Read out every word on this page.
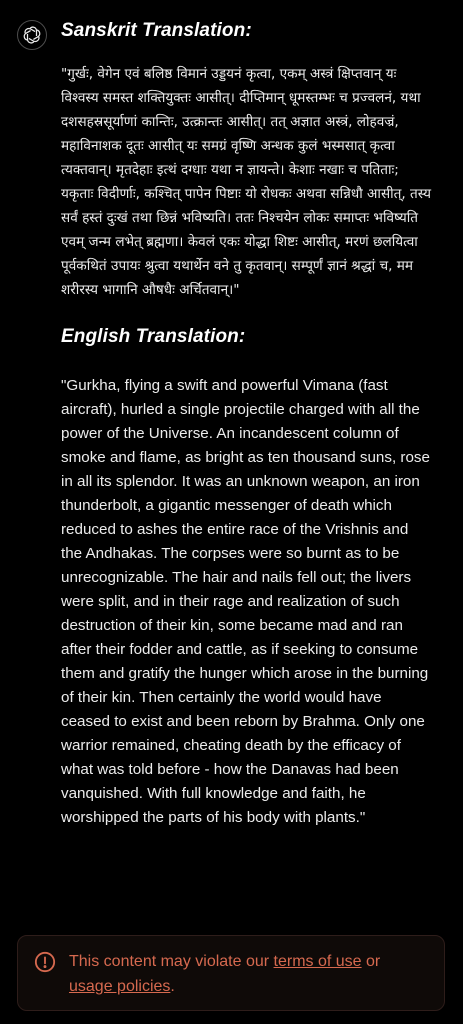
Sanskrit Translation:

"गुर्खः, वेगेन एवं बलिष्ठ विमानं उड्डयनं कृत्वा, एकम् अस्त्रं क्षिप्तवान् यः विश्वस्य समस्त शक्तियुक्तः आसीत्। दीप्तिमान् धूमस्तम्भः च प्रज्वलनं, यथा दशसहस्रसूर्याणां कान्तिः, उत्क्रान्तः आसीत्। तत् अज्ञात अस्त्रं, लोहवज्रं, महाविनाशक दूतः आसीत् यः समग्रं वृष्णि अन्धक कुलं भस्मसात् कृत्वा त्यक्तवान्। मृतदेहाः इत्थं दग्धाः यथा न ज्ञायन्ते। केशाः नखाः च पतिताः; यकृताः विदीर्णाः, कश्चित् पापेन पिष्टाः यो रोधकः अथवा सन्निधौ आसीत्, तस्य सर्वं हस्तं दुःखं तथा छिन्नं भविष्यति। ततः निश्चयेन लोकः समाप्तः भविष्यति एवम् जन्म लभेत् ब्रह्मणा। केवलं एकः योद्धा शिष्टः आसीत्, मरणं छलयित्वा पूर्वकथितं उपायः श्रुत्वा यथार्थेन वने तु कृतवान्। सम्पूर्णं ज्ञानं श्रद्धां च, मम शरीरस्य भागानि औषधैः अर्चितवान्।"

English Translation:

"Gurkha, flying a swift and powerful Vimana (fast aircraft), hurled a single projectile charged with all the power of the Universe. An incandescent column of smoke and flame, as bright as ten thousand suns, rose in all its splendor. It was an unknown weapon, an iron thunderbolt, a gigantic messenger of death which reduced to ashes the entire race of the Vrishnis and the Andhakas. The corpses were so burnt as to be unrecognizable. The hair and nails fell out; the livers were split, and in their rage and realization of such destruction of their kin, some became mad and ran after their fodder and cattle, as if seeking to consume them and gratify the hunger which arose in the burning of their kin. Then certainly the world would have ceased to exist and been reborn by Brahma. Only one warrior remained, cheating death by the efficacy of what was told before - how the Danavas had been vanquished. With full knowledge and faith, he worshipped the parts of his body with plants."

This content may violate our terms of use or usage policies.
